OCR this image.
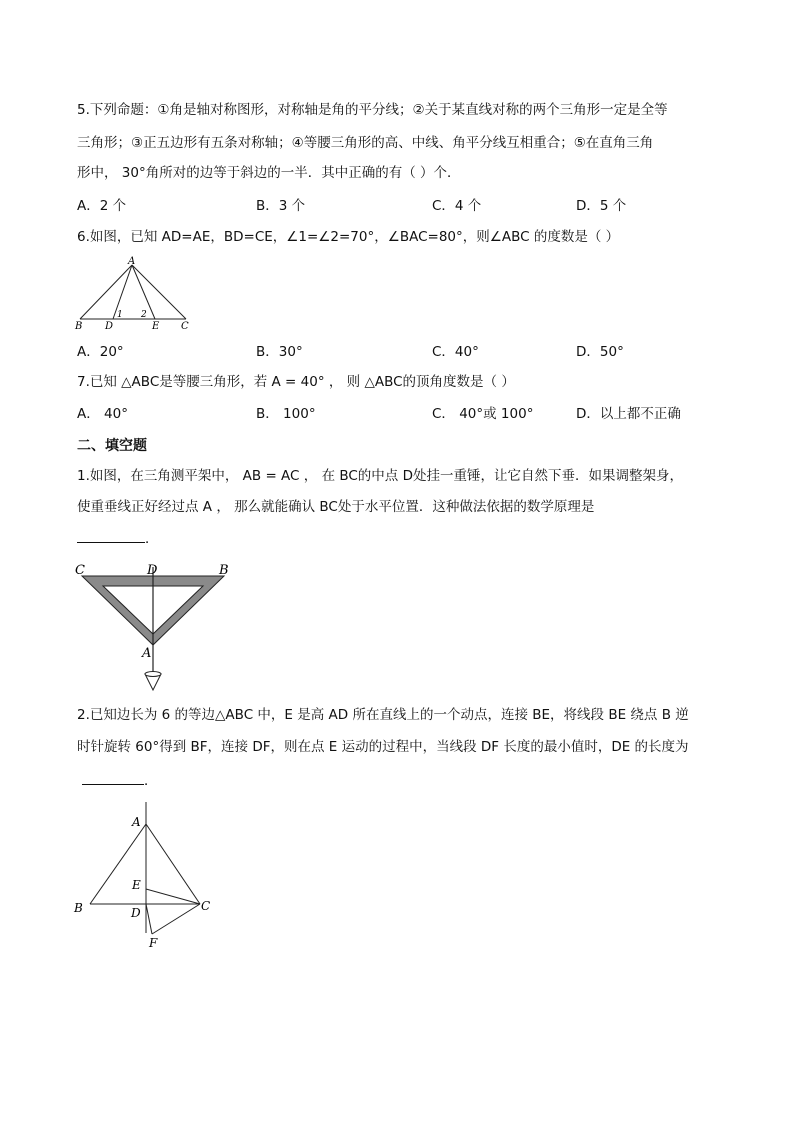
5.下列命题：①角是轴对称图形，对称轴是角的平分线；②关于某直线对称的两个三角形一定是全等
三角形；③正五边形有五条对称轴；④等腰三角形的高、中线、角平分线互相重合；⑤在直角三角
形中， 30°角所对的边等于斜边的一半．其中正确的有（ ）个．
A．2 个	B．3 个	C．4 个	D．5 个
6.如图，已知 AD=AE，BD=CE，∠1=∠2=70°，∠BAC=80°，则∠ABC 的度数是（ ）
A
B D	E C
1 2
A．20°	B．30°	C．40°	D．50°
7.已知 △ABC是等腰三角形，若 A = 40° ， 则 △ABC的顶角度数是（ ）
A． 40°	B． 100°	C． 40°或 100°	D．以上都不正确
二、填空题
1.如图，在三角测平架中， AB = AC ， 在 BC的中点 D处挂一重锤，让它自然下垂．如果调整架身，
使重垂线正好经过点 A ， 那么就能确认 BC处于水平位置．这种做法依据的数学原理是
．
C	D	B
A
2.已知边长为 6 的等边△ABC 中，E 是高 AD 所在直线上的一个动点，连接 BE，将线段 BE 绕点 B 逆
时针旋转 60°得到 BF，连接 DF，则在点 E 运动的过程中，当线段 DF 长度的最小值时，DE 的长度为
．
A
B	C
D
E
F
